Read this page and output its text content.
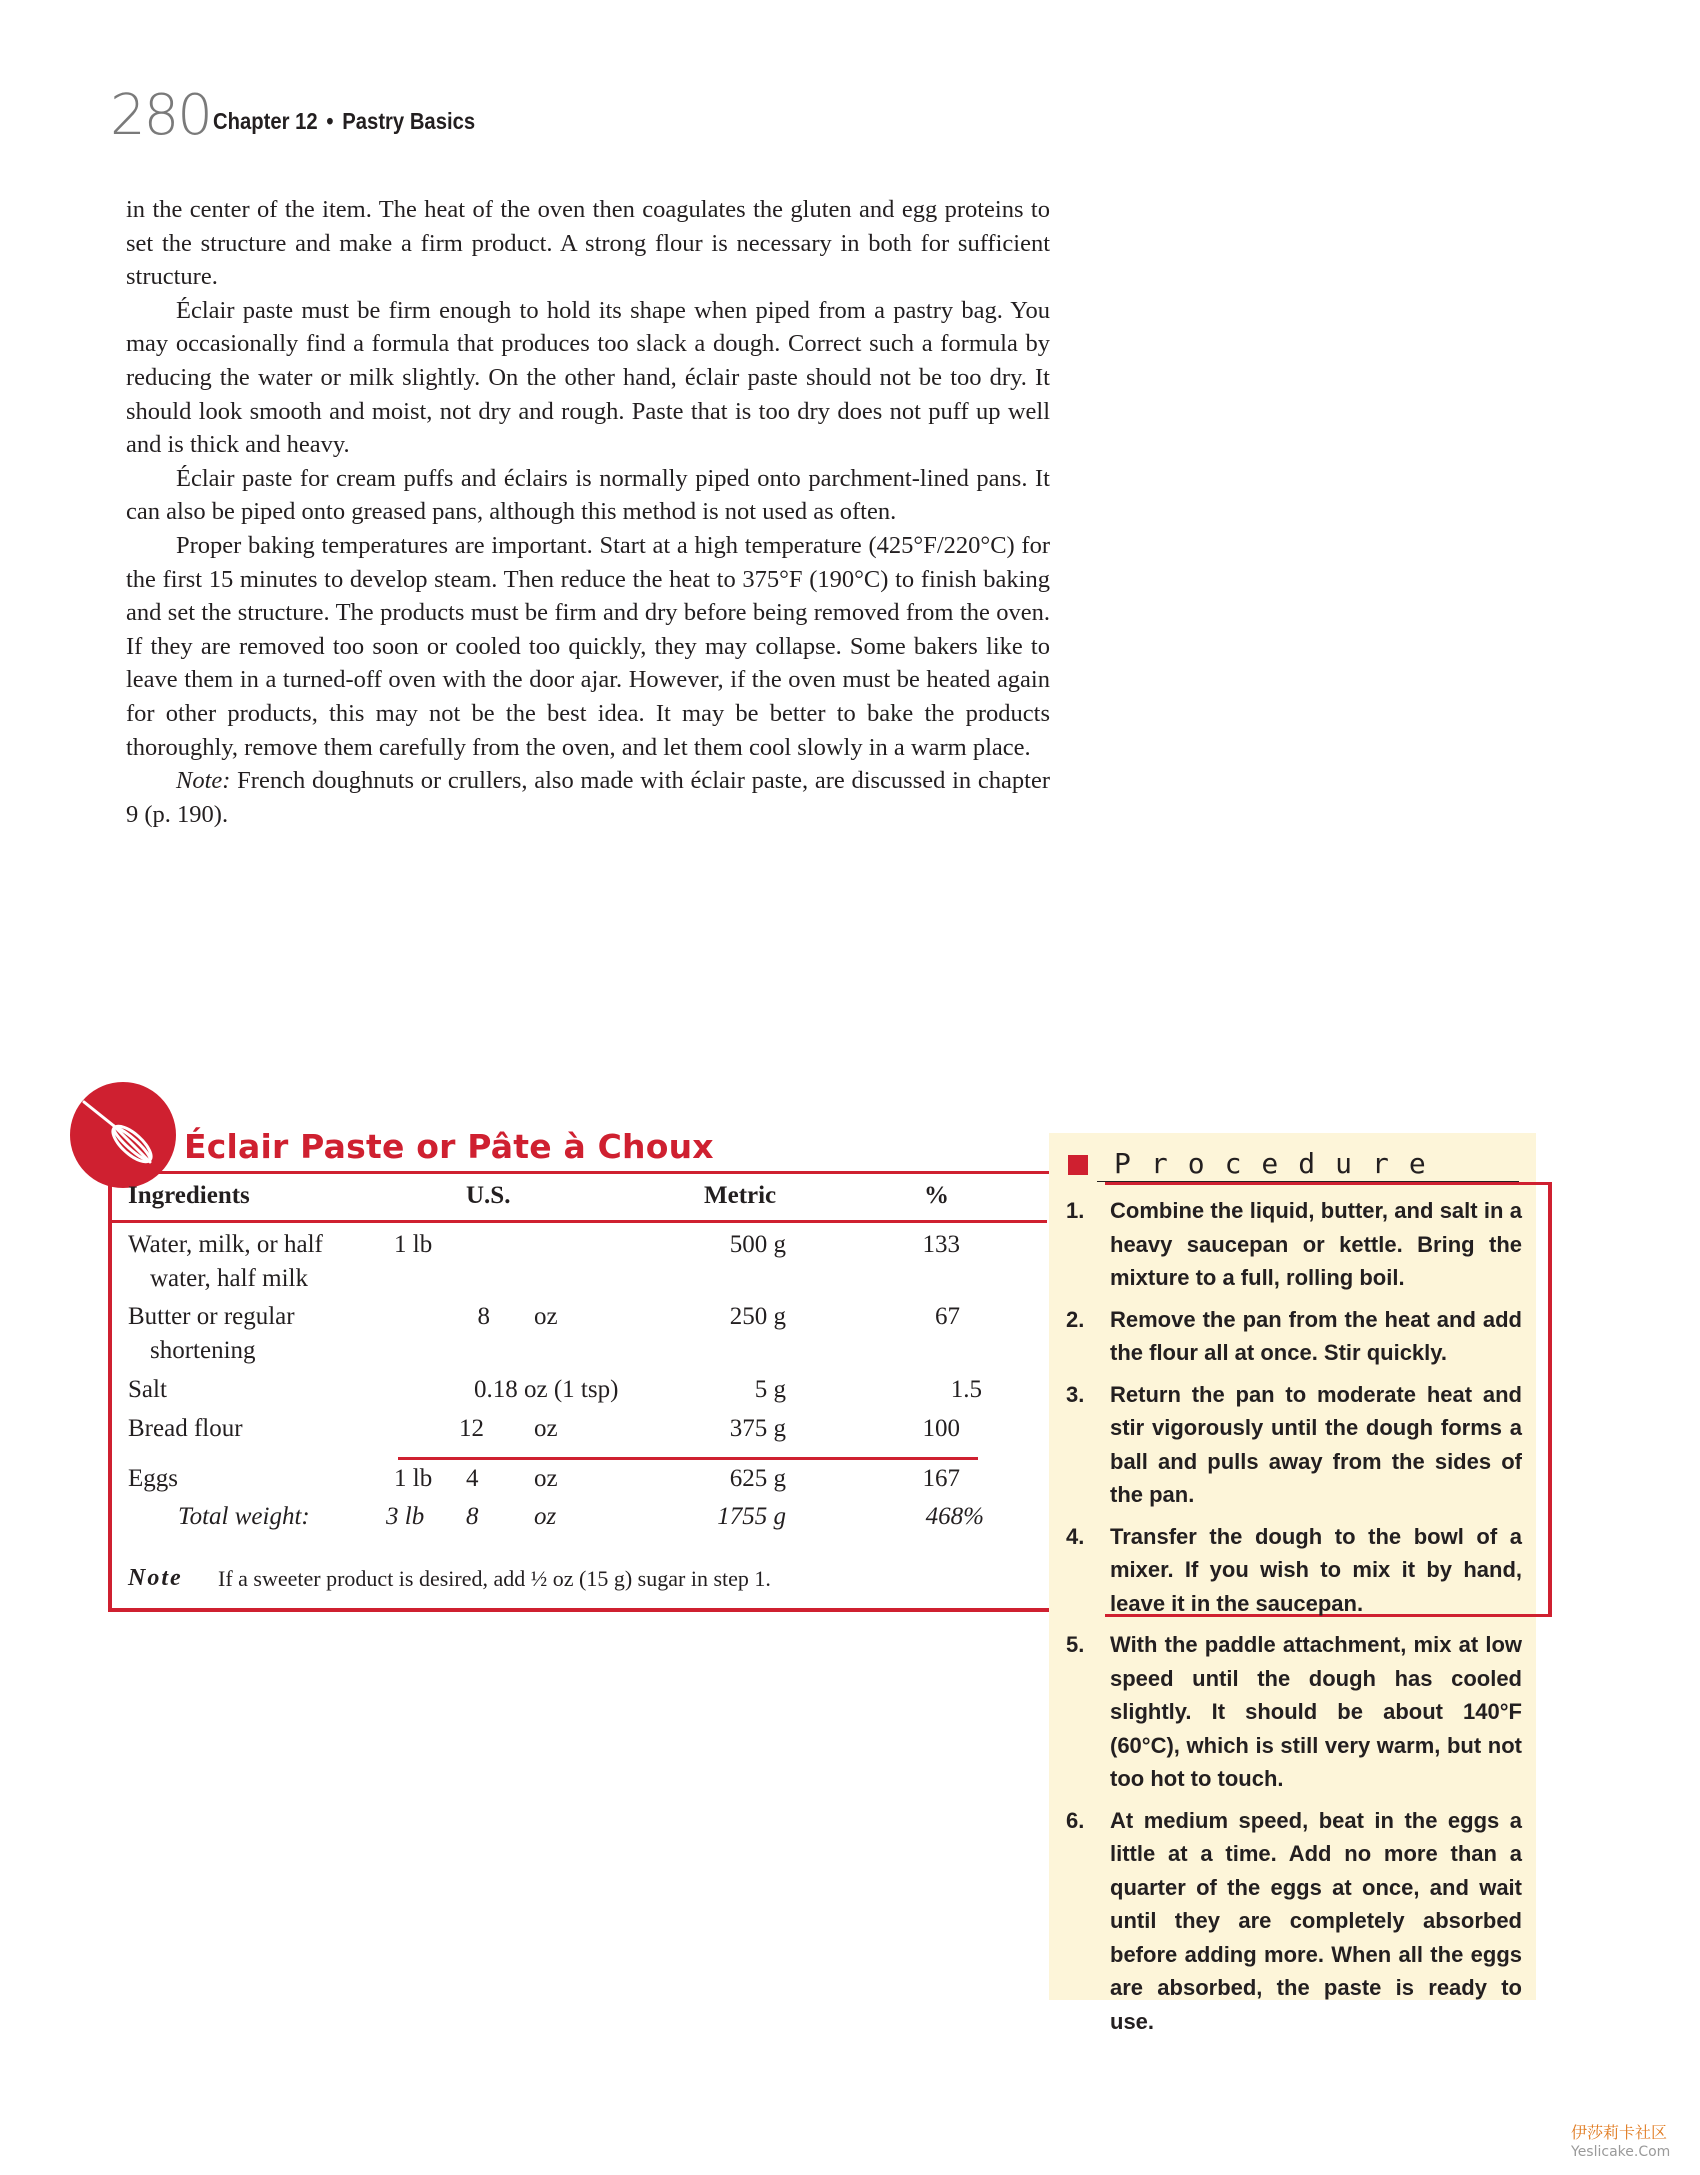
280 Chapter 12 • Pastry Basics

in the center of the item. The heat of the oven then coagulates the gluten and egg proteins to set the structure and make a firm product. A strong flour is necessary in both for sufficient structure.

Éclair paste must be firm enough to hold its shape when piped from a pastry bag. You may occasionally find a formula that produces too slack a dough. Correct such a formula by reducing the water or milk slightly. On the other hand, éclair paste should not be too dry. It should look smooth and moist, not dry and rough. Paste that is too dry does not puff up well and is thick and heavy.

Éclair paste for cream puffs and éclairs is normally piped onto parchment-lined pans. It can also be piped onto greased pans, although this method is not used as often.

Proper baking temperatures are important. Start at a high temperature (425°F/220°C) for the first 15 minutes to develop steam. Then reduce the heat to 375°F (190°C) to finish baking and set the structure. The products must be firm and dry before being removed from the oven. If they are removed too soon or cooled too quickly, they may collapse. Some bakers like to leave them in a turned-off oven with the door ajar. However, if the oven must be heated again for other products, this may not be the best idea. It may be better to bake the products thoroughly, remove them carefully from the oven, and let them cool slowly in a warm place.

Note: French doughnuts or crullers, also made with éclair paste, are discussed in chapter 9 (p. 190).

Éclair Paste or Pâte à Choux
Ingredients	U.S.	Metric	%
Water, milk, or half
water, half milk
1 lb	500 g	133
Butter or regular
shortening
8 oz	250 g	67
Salt	0.18 oz (1 tsp)	5 g	1.5
Bread flour	12 oz	375 g	100
Eggs	1 lb 4 oz	625 g	167
Total weight:	3 lb 8 oz	1755 g	468%
Note If a sweeter product is desired, add ½ oz (15 g) sugar in step 1.
Procedure
1. Combine the liquid, butter, and salt in a heavy saucepan or kettle. Bring the mixture to a full, rolling boil.
2. Remove the pan from the heat and add the flour all at once. Stir quickly.
3. Return the pan to moderate heat and stir vigorously until the dough forms a ball and pulls away from the sides of the pan.
4. Transfer the dough to the bowl of a mixer. If you wish to mix it by hand, leave it in the saucepan.
5. With the paddle attachment, mix at low speed until the dough has cooled slightly. It should be about 140°F (60°C), which is still very warm, but not too hot to touch.
6. At medium speed, beat in the eggs a little at a time. Add no more than a quarter of the eggs at once, and wait until they are completely absorbed before adding more. When all the eggs are absorbed, the paste is ready to use.
伊莎莉卡社区
Yeslicake.Com
